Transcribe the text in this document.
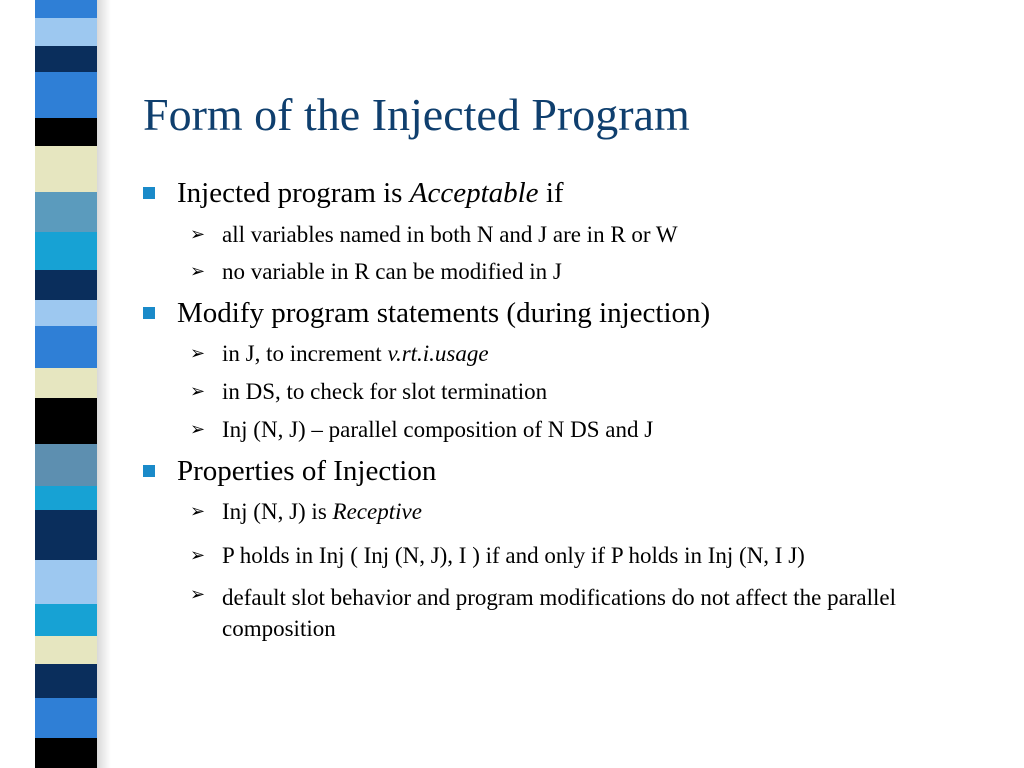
Form of the Injected Program
Injected program is Acceptable if
➢ all variables named in both N and J are in R or W
➢ no variable in R can be modified in J
Modify program statements (during injection)
➢ in J, to increment v.rt.i.usage
➢ in DS, to check for slot termination
➢ Inj (N, J) – parallel composition of N DS and J
Properties of Injection
➢ Inj (N, J) is Receptive
➢ P holds in Inj ( Inj (N, J), I ) if and only if P holds in Inj (N, I J)
➢ default slot behavior and program modifications do not affect the parallel composition
